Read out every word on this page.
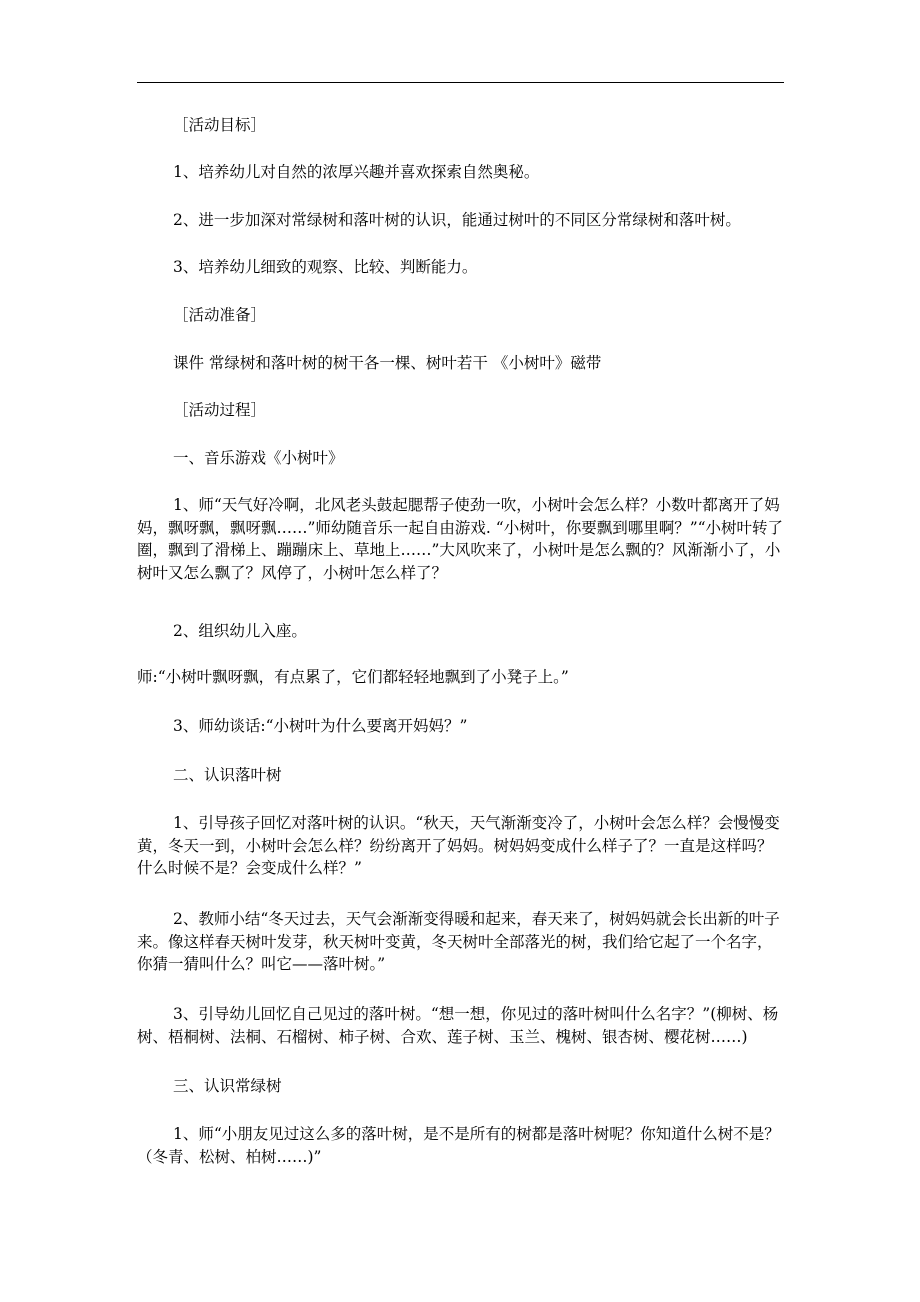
［活动目标］
1、培养幼儿对自然的浓厚兴趣并喜欢探索自然奥秘。
2、进一步加深对常绿树和落叶树的认识，能通过树叶的不同区分常绿树和落叶树。
3、培养幼儿细致的观察、比较、判断能力。
［活动准备］
课件 常绿树和落叶树的树干各一棵、树叶若干 《小树叶》磁带
［活动过程］
一、音乐游戏《小树叶》
1、师“天气好冷啊，北风老头鼓起腮帮子使劲一吹，小树叶会怎么样？小数叶都离开了妈妈，飘呀飘，飘呀飘……”师幼随音乐一起自由游戏. “小树叶，你要飘到哪里啊？”“小树叶转了圈，飘到了滑梯上、蹦蹦床上、草地上……”大风吹来了，小树叶是怎么飘的？风渐渐小了，小树叶又怎么飘了？风停了，小树叶怎么样了？
2、组织幼儿入座。
师:“小树叶飘呀飘，有点累了，它们都轻轻地飘到了小凳子上。”
3、师幼谈话:“小树叶为什么要离开妈妈？”
二、认识落叶树
1、引导孩子回忆对落叶树的认识。“秋天，天气渐渐变冷了，小树叶会怎么样？会慢慢变黄，冬天一到，小树叶会怎么样？纷纷离开了妈妈。树妈妈变成什么样子了？一直是这样吗？什么时候不是？会变成什么样？”
2、教师小结“冬天过去，天气会渐渐变得暖和起来，春天来了，树妈妈就会长出新的叶子来。像这样春天树叶发芽，秋天树叶变黄，冬天树叶全部落光的树，我们给它起了一个名字，你猜一猜叫什么？叫它——落叶树。”
3、引导幼儿回忆自己见过的落叶树。“想一想，你见过的落叶树叫什么名字？”(柳树、杨树、梧桐树、法桐、石榴树、柿子树、合欢、莲子树、玉兰、槐树、银杏树、樱花树……)
三、认识常绿树
1、师“小朋友见过这么多的落叶树，是不是所有的树都是落叶树呢？你知道什么树不是？（冬青、松树、柏树……)”
